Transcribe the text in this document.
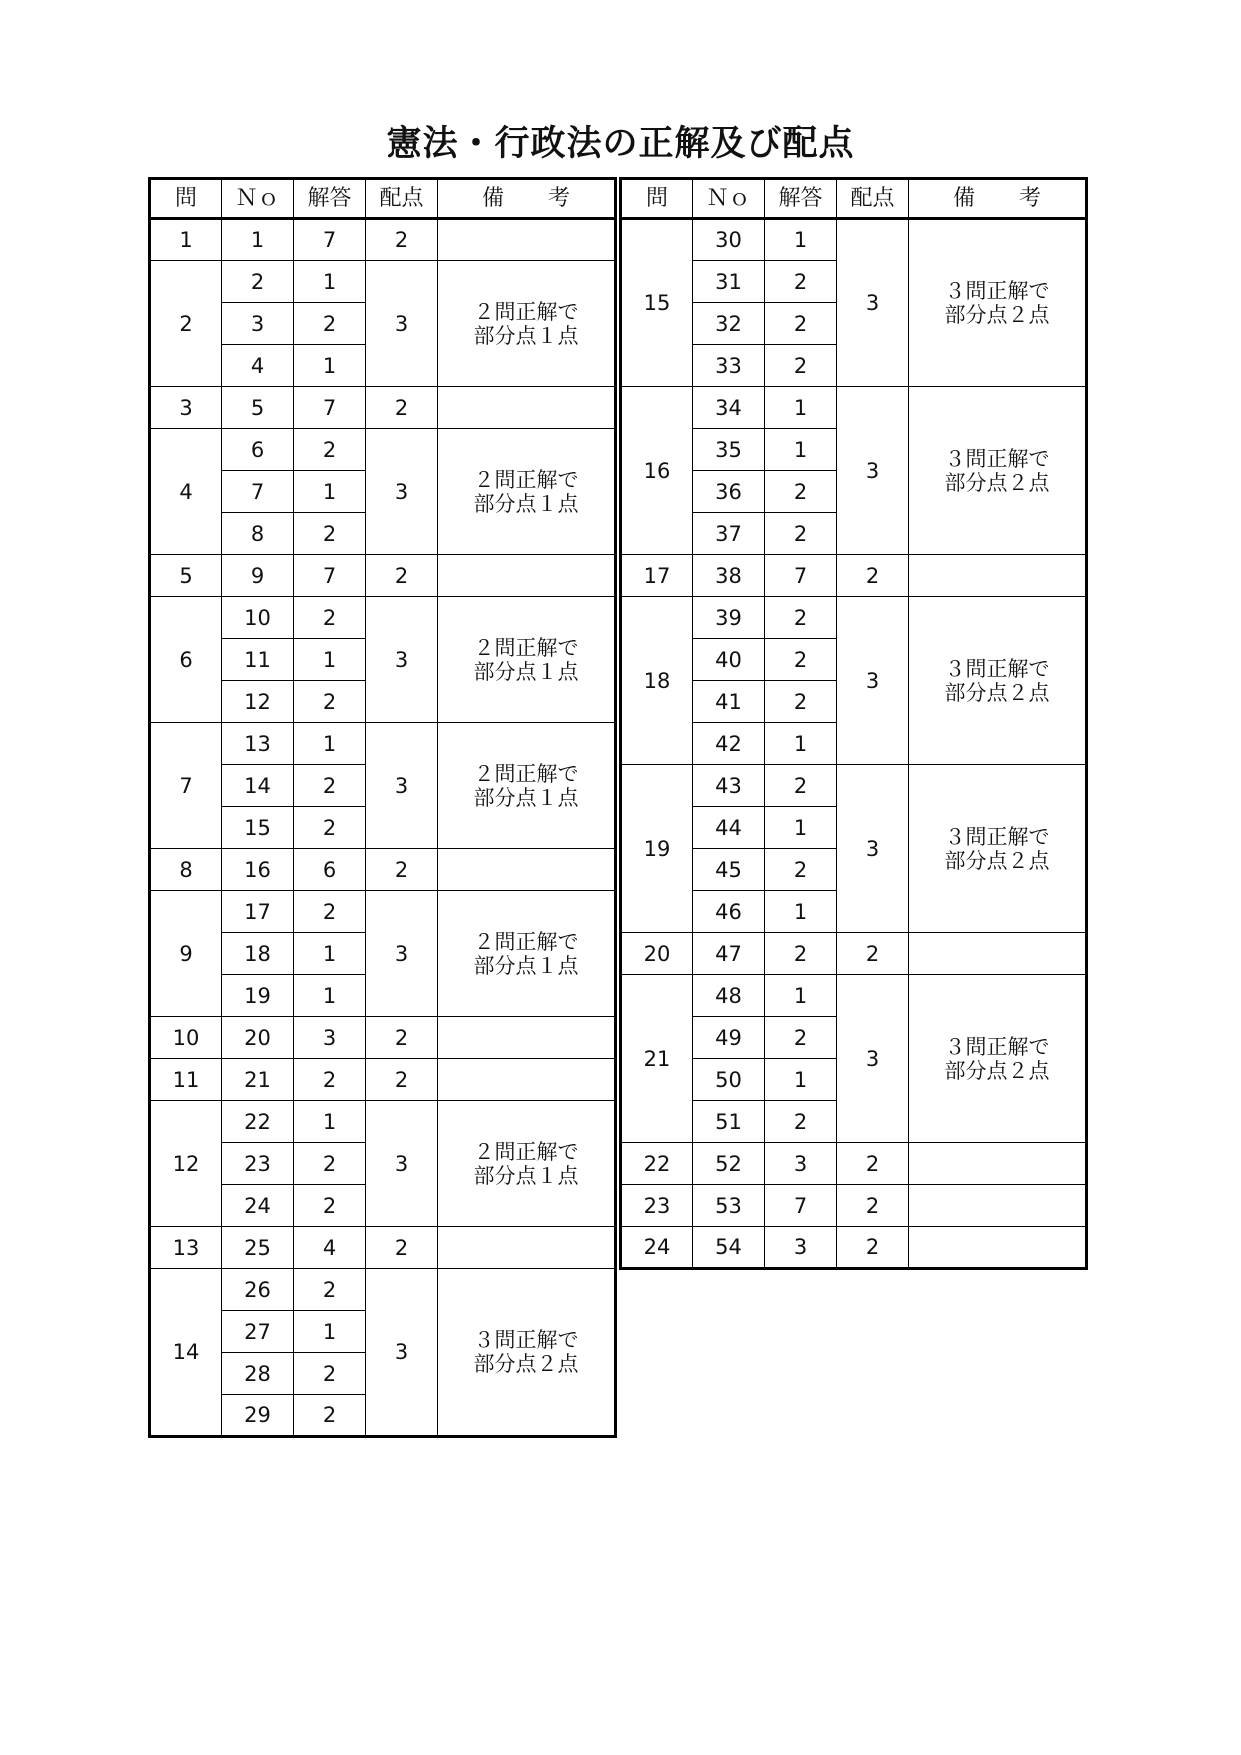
憲法・行政法の正解及び配点
問	Ｎｏ	解答	配点	備　　考
1	1	7	2	
2	2	1	3	２問正解で
部分点１点
	3	2		
	4	1		
3	5	7	2	
4	6	2	3	２問正解で
部分点１点
	7	1		
	8	2		
5	9	7	2	
6	10	2	3	２問正解で
部分点１点
	11	1		
	12	2		
7	13	1	3	２問正解で
部分点１点
	14	2		
	15	2		
8	16	6	2	
9	17	2	3	２問正解で
部分点１点
	18	1		
	19	1		
10	20	3	2	
11	21	2	2	
12	22	1	3	２問正解で
部分点１点
	23	2		
	24	2		
13	25	4	2	
14	26	2	3	３問正解で
部分点２点
	27	1		
	28	2		
	29	2		
問	Ｎｏ	解答	配点	備　　考
15	30	1	3	３問正解で
部分点２点
	31	2		
	32	2		
	33	2		
16	34	1	3	３問正解で
部分点２点
	35	1		
	36	2		
	37	2		
17	38	7	2	
18	39	2	3	３問正解で
部分点２点
	40	2		
	41	2		
	42	1		
19	43	2	3	３問正解で
部分点２点
	44	1		
	45	2		
	46	1		
20	47	2	2	
21	48	1	3	３問正解で
部分点２点
	49	2		
	50	1		
	51	2		
22	52	3	2	
23	53	7	2	
24	54	3	2	
